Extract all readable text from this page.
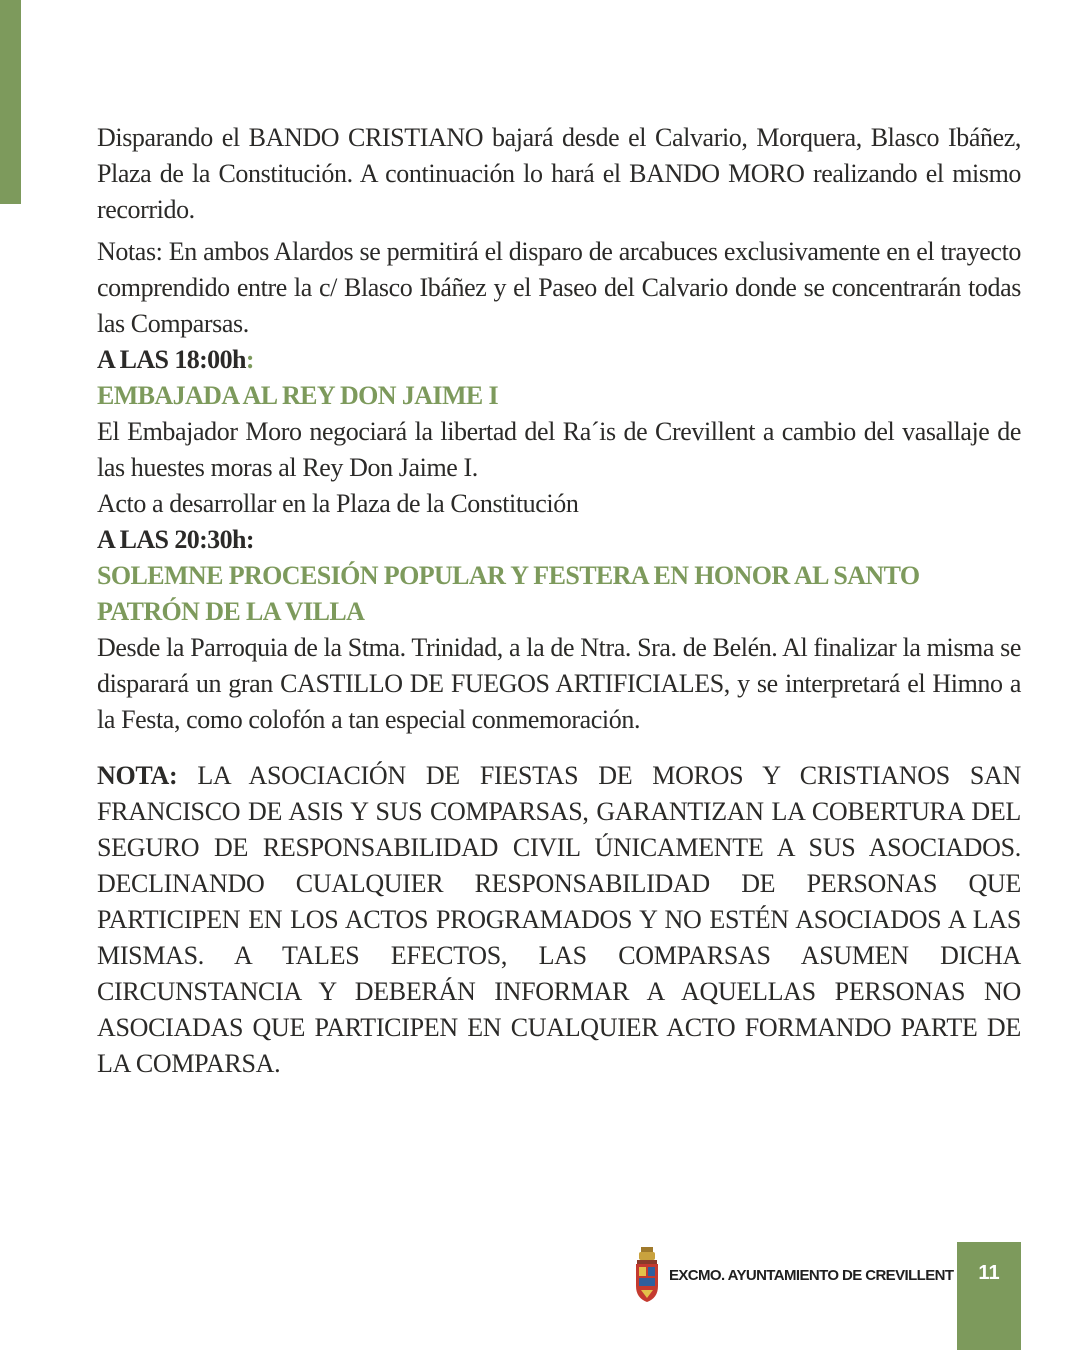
Disparando el BANDO CRISTIANO bajará desde el Calvario, Morquera, Blasco Ibáñez, Plaza de la Constitución. A continuación lo hará el BANDO MORO realizando el mismo recorrido.

Notas: En ambos Alardos se permitirá el disparo de arcabuces exclusivamente en el trayecto comprendido entre la c/ Blasco Ibáñez y el Paseo del Calvario donde se concentrarán todas las Comparsas.

A LAS 18:00h:
EMBAJADA AL REY DON JAIME I

El Embajador Moro negociará la libertad del Ra´is de Crevillent a cambio del vasallaje de las huestes moras al Rey Don Jaime I.

Acto a desarrollar en la Plaza de la Constitución

A LAS 20:30h:
SOLEMNE PROCESIÓN POPULAR Y FESTERA EN HONOR AL SANTO PATRÓN DE LA VILLA

Desde la Parroquia de la Stma. Trinidad, a la de Ntra. Sra. de Belén. Al finalizar la misma se disparará un gran CASTILLO DE FUEGOS ARTIFICIALES, y se interpretará el Himno a la Festa, como colofón a tan especial conmemoración.

NOTA: LA ASOCIACIÓN DE FIESTAS DE MOROS Y CRISTIANOS SAN FRANCISCO DE ASIS Y SUS COMPARSAS, GARANTIZAN LA COBERTURA DEL SEGURO DE RESPONSABILIDAD CIVIL ÚNICAMENTE A SUS ASOCIADOS. DECLINANDO CUALQUIER RESPONSABILIDAD DE PERSONAS QUE PARTICIPEN EN LOS ACTOS PROGRAMADOS Y NO ESTÉN ASOCIADOS A LAS MISMAS. A TALES EFECTOS, LAS COMPARSAS ASUMEN DICHA CIRCUNSTANCIA Y DEBERÁN INFORMAR A AQUELLAS PERSONAS NO ASOCIADAS QUE PARTICIPEN EN CUALQUIER ACTO FORMANDO PARTE DE LA COMPARSA.
EXCMO. AYUNTAMIENTO DE CREVILLENT	11
